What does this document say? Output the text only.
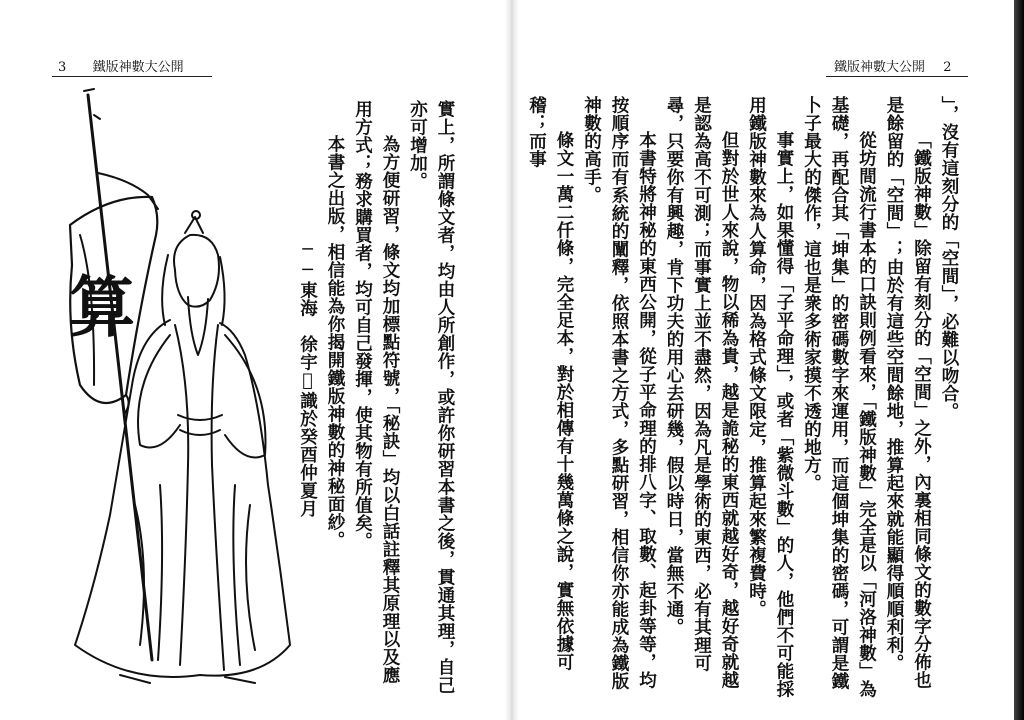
3 鐵版神數大公開
算	實上，所謂條文者，均由人所創作，或許你研習本書之後，貫通其理，自己亦可增加。

為方便研習，條文均加標點符號，「秘訣」均以白話註釋其原理以及應用方式；務求購買者，均可自己發揮，使其物有所值矣。

本書之出版，相信能為你揭開鐵版神數的神秘面紗。

──東海　徐宇𫚷識於癸酉仲夏月

鐵版神數大公開 2

」，沒有這刻分的「空間」，必難以吻合。

「鐵版神數」除留有刻分的「空間」之外，內裏相同條文的數字分佈也是餘留的「空間」；由於有這些空間餘地，推算起來就能顯得順順利利。

從坊間流行書本的口訣則例看來，「鐵版神數」完全是以「河洛神數」為基礎，再配合其「坤集」的密碼數字來運用，而這個坤集的密碼，可謂是鐵卜子最大的傑作，這也是衆多術家摸不透的地方。

事實上，如果懂得「子平命理」，或者「紫微斗數」的人，他們不可能採用鐵版神數來為人算命，因為格式條文限定，推算起來繁複費時。

但對於世人來說，物以稀為貴，越是詭秘的東西就越好奇，越好奇就越是認為高不可測；而事實上並不盡然，因為凡是學術的東西，必有其理可尋，只要你有興趣，肯下功夫的用心去研幾，假以時日，當無不通。

本書特將神秘的東西公開，從子平命理的排八字、取數、起卦等等，均按順序而有系統的闡釋，依照本書之方式，多點研習，相信你亦能成為鐵版神數的高手。

條文一萬二仟條，完全足本，對於相傳有十幾萬條之說，實無依據可稽；而事
